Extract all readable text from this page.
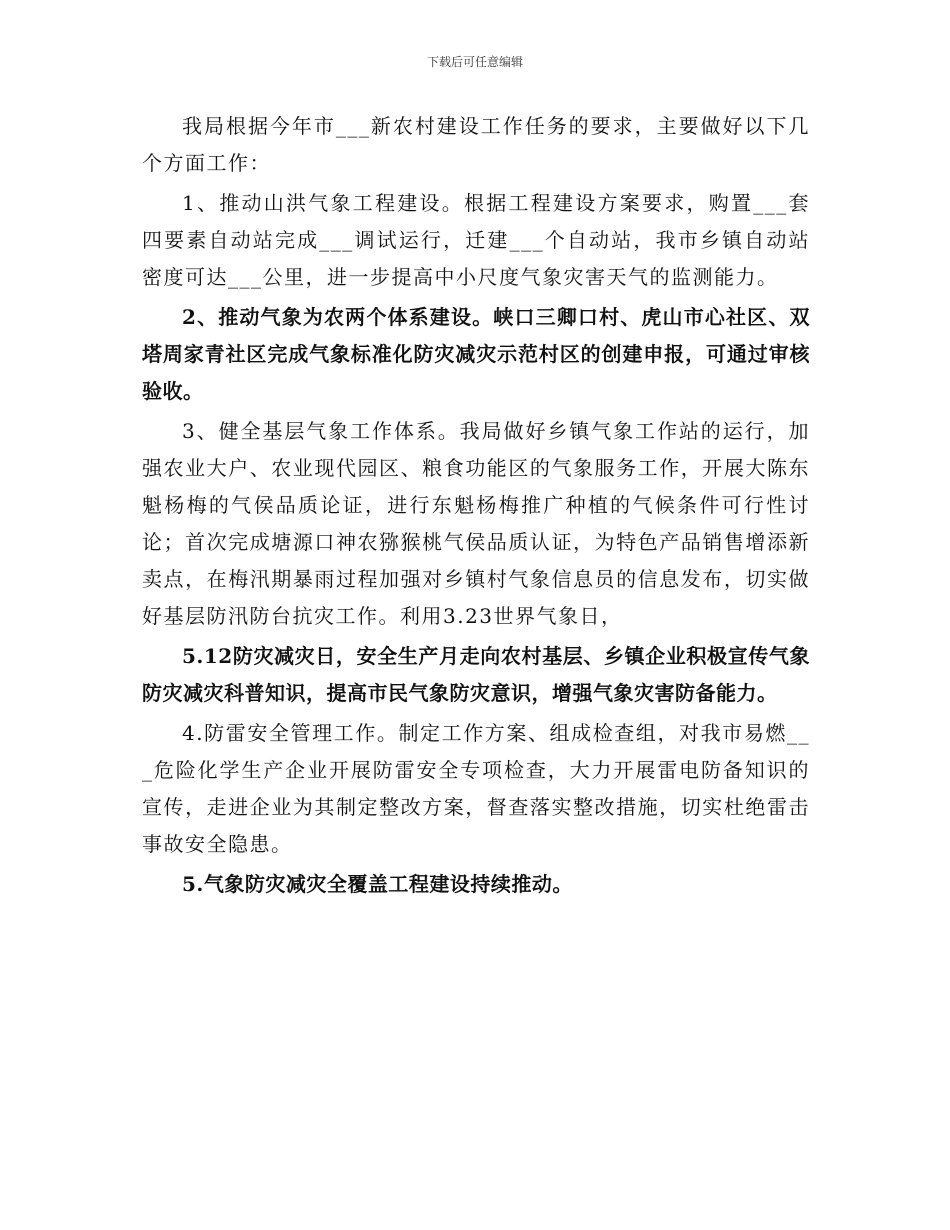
下载后可任意编辑

我局根据今年市___新农村建设工作任务的要求，主要做好以下几个方面工作：

1、推动山洪气象工程建设。根据工程建设方案要求，购置___套四要素自动站完成___调试运行，迁建___个自动站，我市乡镇自动站密度可达___公里，进一步提高中小尺度气象灾害天气的监测能力。

2、推动气象为农两个体系建设。峡口三卿口村、虎山市心社区、双塔周家青社区完成气象标准化防灾减灾示范村区的创建申报，可通过审核验收。

3、健全基层气象工作体系。我局做好乡镇气象工作站的运行，加强农业大户、农业现代园区、粮食功能区的气象服务工作，开展大陈东魁杨梅的气侯品质论证，进行东魁杨梅推广种植的气候条件可行性讨论；首次完成塘源口神农猕猴桃气侯品质认证，为特色产品销售增添新卖点，在梅汛期暴雨过程加强对乡镇村气象信息员的信息发布，切实做好基层防汛防台抗灾工作。利用3.23世界气象日，

5.12防灾减灾日，安全生产月走向农村基层、乡镇企业积极宣传气象防灾减灾科普知识，提高市民气象防灾意识，增强气象灾害防备能力。

4.防雷安全管理工作。制定工作方案、组成检查组，对我市易燃___危险化学生产企业开展防雷安全专项检查，大力开展雷电防备知识的宣传，走进企业为其制定整改方案，督查落实整改措施，切实杜绝雷击事故安全隐患。

5.气象防灾减灾全覆盖工程建设持续推动。
